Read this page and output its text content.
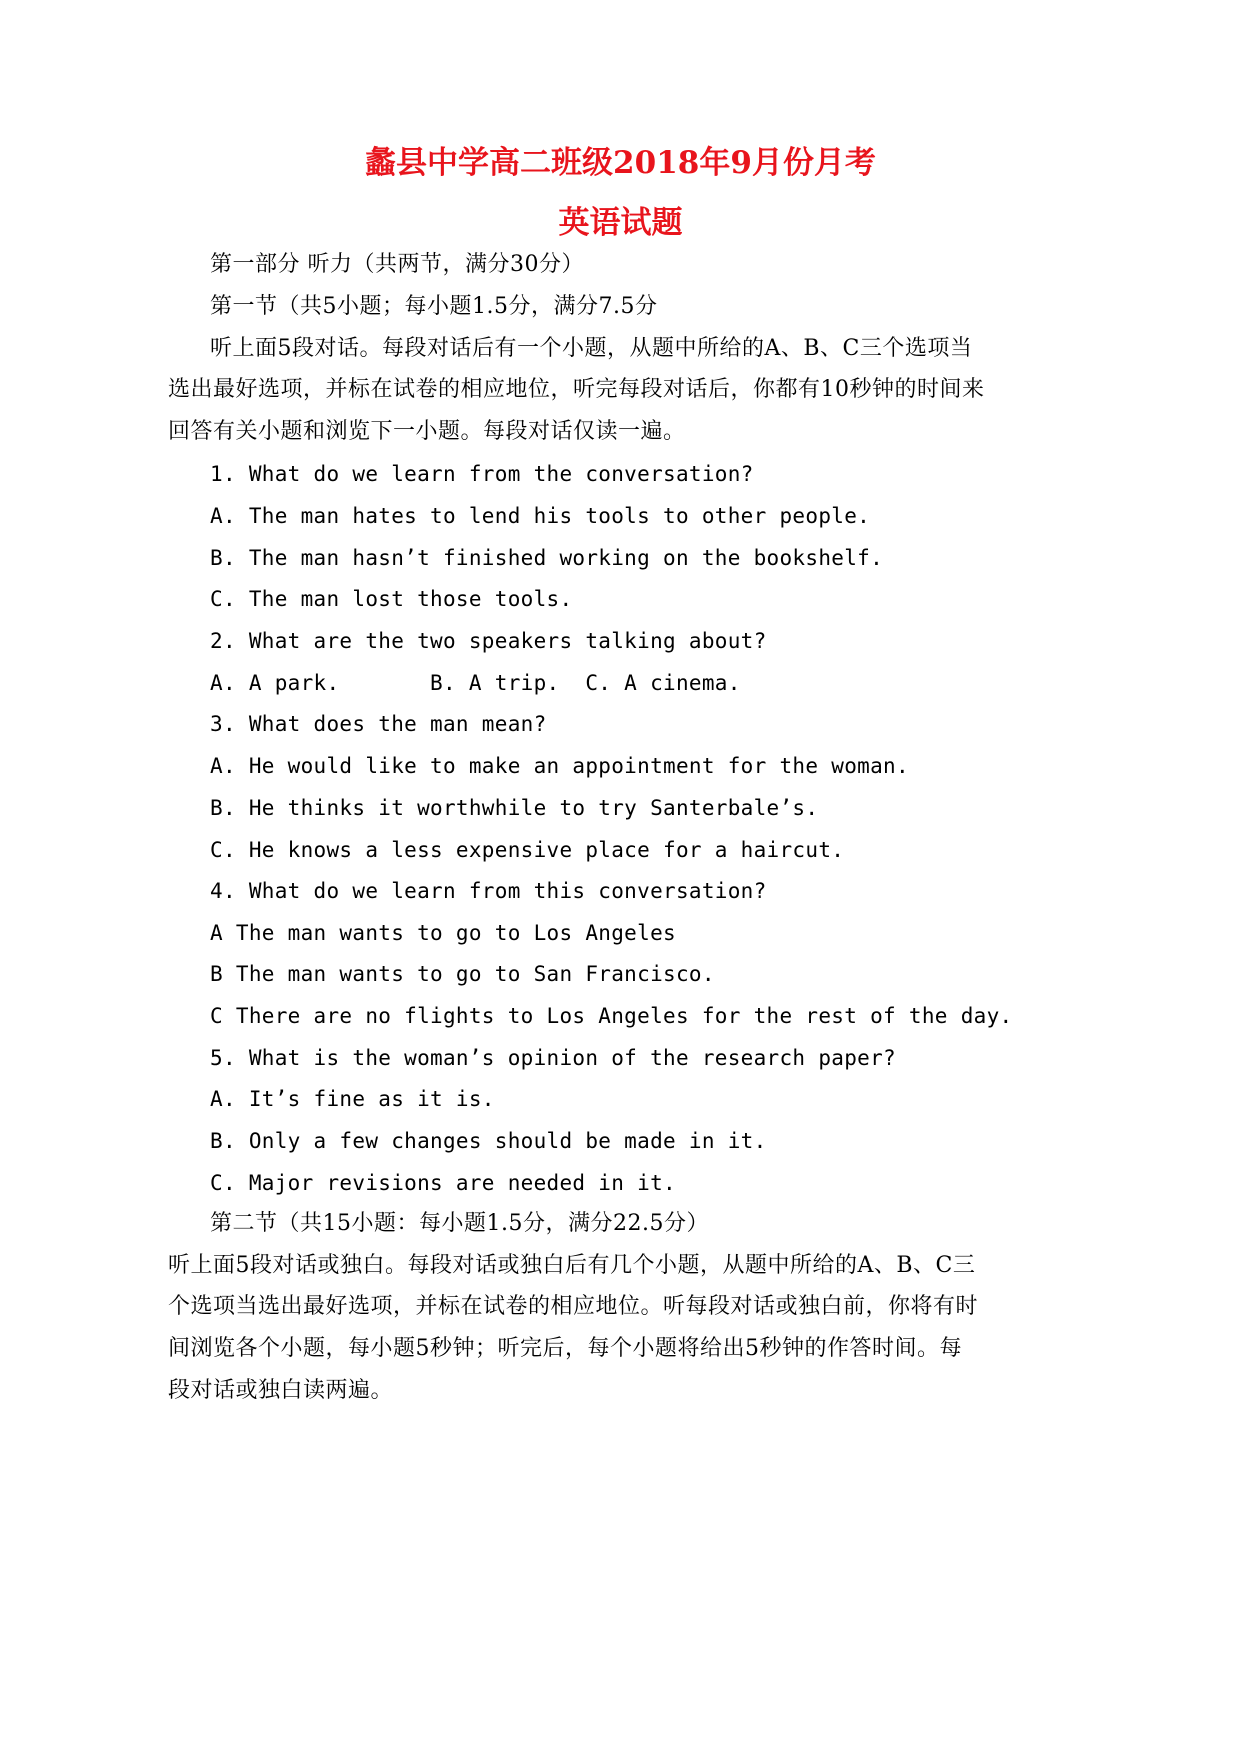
蠡县中学高二班级2018年9月份月考
英语试题
第一部分 听力（共两节，满分30分）
第一节（共5小题；每小题1.5分，满分7.5分
听上面5段对话。每段对话后有一个小题，从题中所给的A、B、C三个选项当
选出最好选项，并标在试卷的相应地位，听完每段对话后，你都有10秒钟的时间来
回答有关小题和浏览下一小题。每段对话仅读一遍。
1. What do we learn from the conversation?
A. The man hates to lend his tools to other people.
B. The man hasn’t finished working on the bookshelf.
C. The man lost those tools.
2. What are the two speakers talking about?
A. A park.       B. A trip.  C. A cinema.
3. What does the man mean?
A. He would like to make an appointment for the woman.
B. He thinks it worthwhile to try Santerbale’s.
C. He knows a less expensive place for a haircut.
4. What do we learn from this conversation?
A The man wants to go to Los Angeles
B The man wants to go to San Francisco.
C There are no flights to Los Angeles for the rest of the day.
5. What is the woman’s opinion of the research paper?
A. It’s fine as it is.
B. Only a few changes should be made in it.
C. Major revisions are needed in it.
第二节（共15小题：每小题1.5分，满分22.5分）
听上面5段对话或独白。每段对话或独白后有几个小题，从题中所给的A、B、C三
个选项当选出最好选项，并标在试卷的相应地位。听每段对话或独白前，你将有时
间浏览各个小题，每小题5秒钟；听完后，每个小题将给出5秒钟的作答时间。每
段对话或独白读两遍。
